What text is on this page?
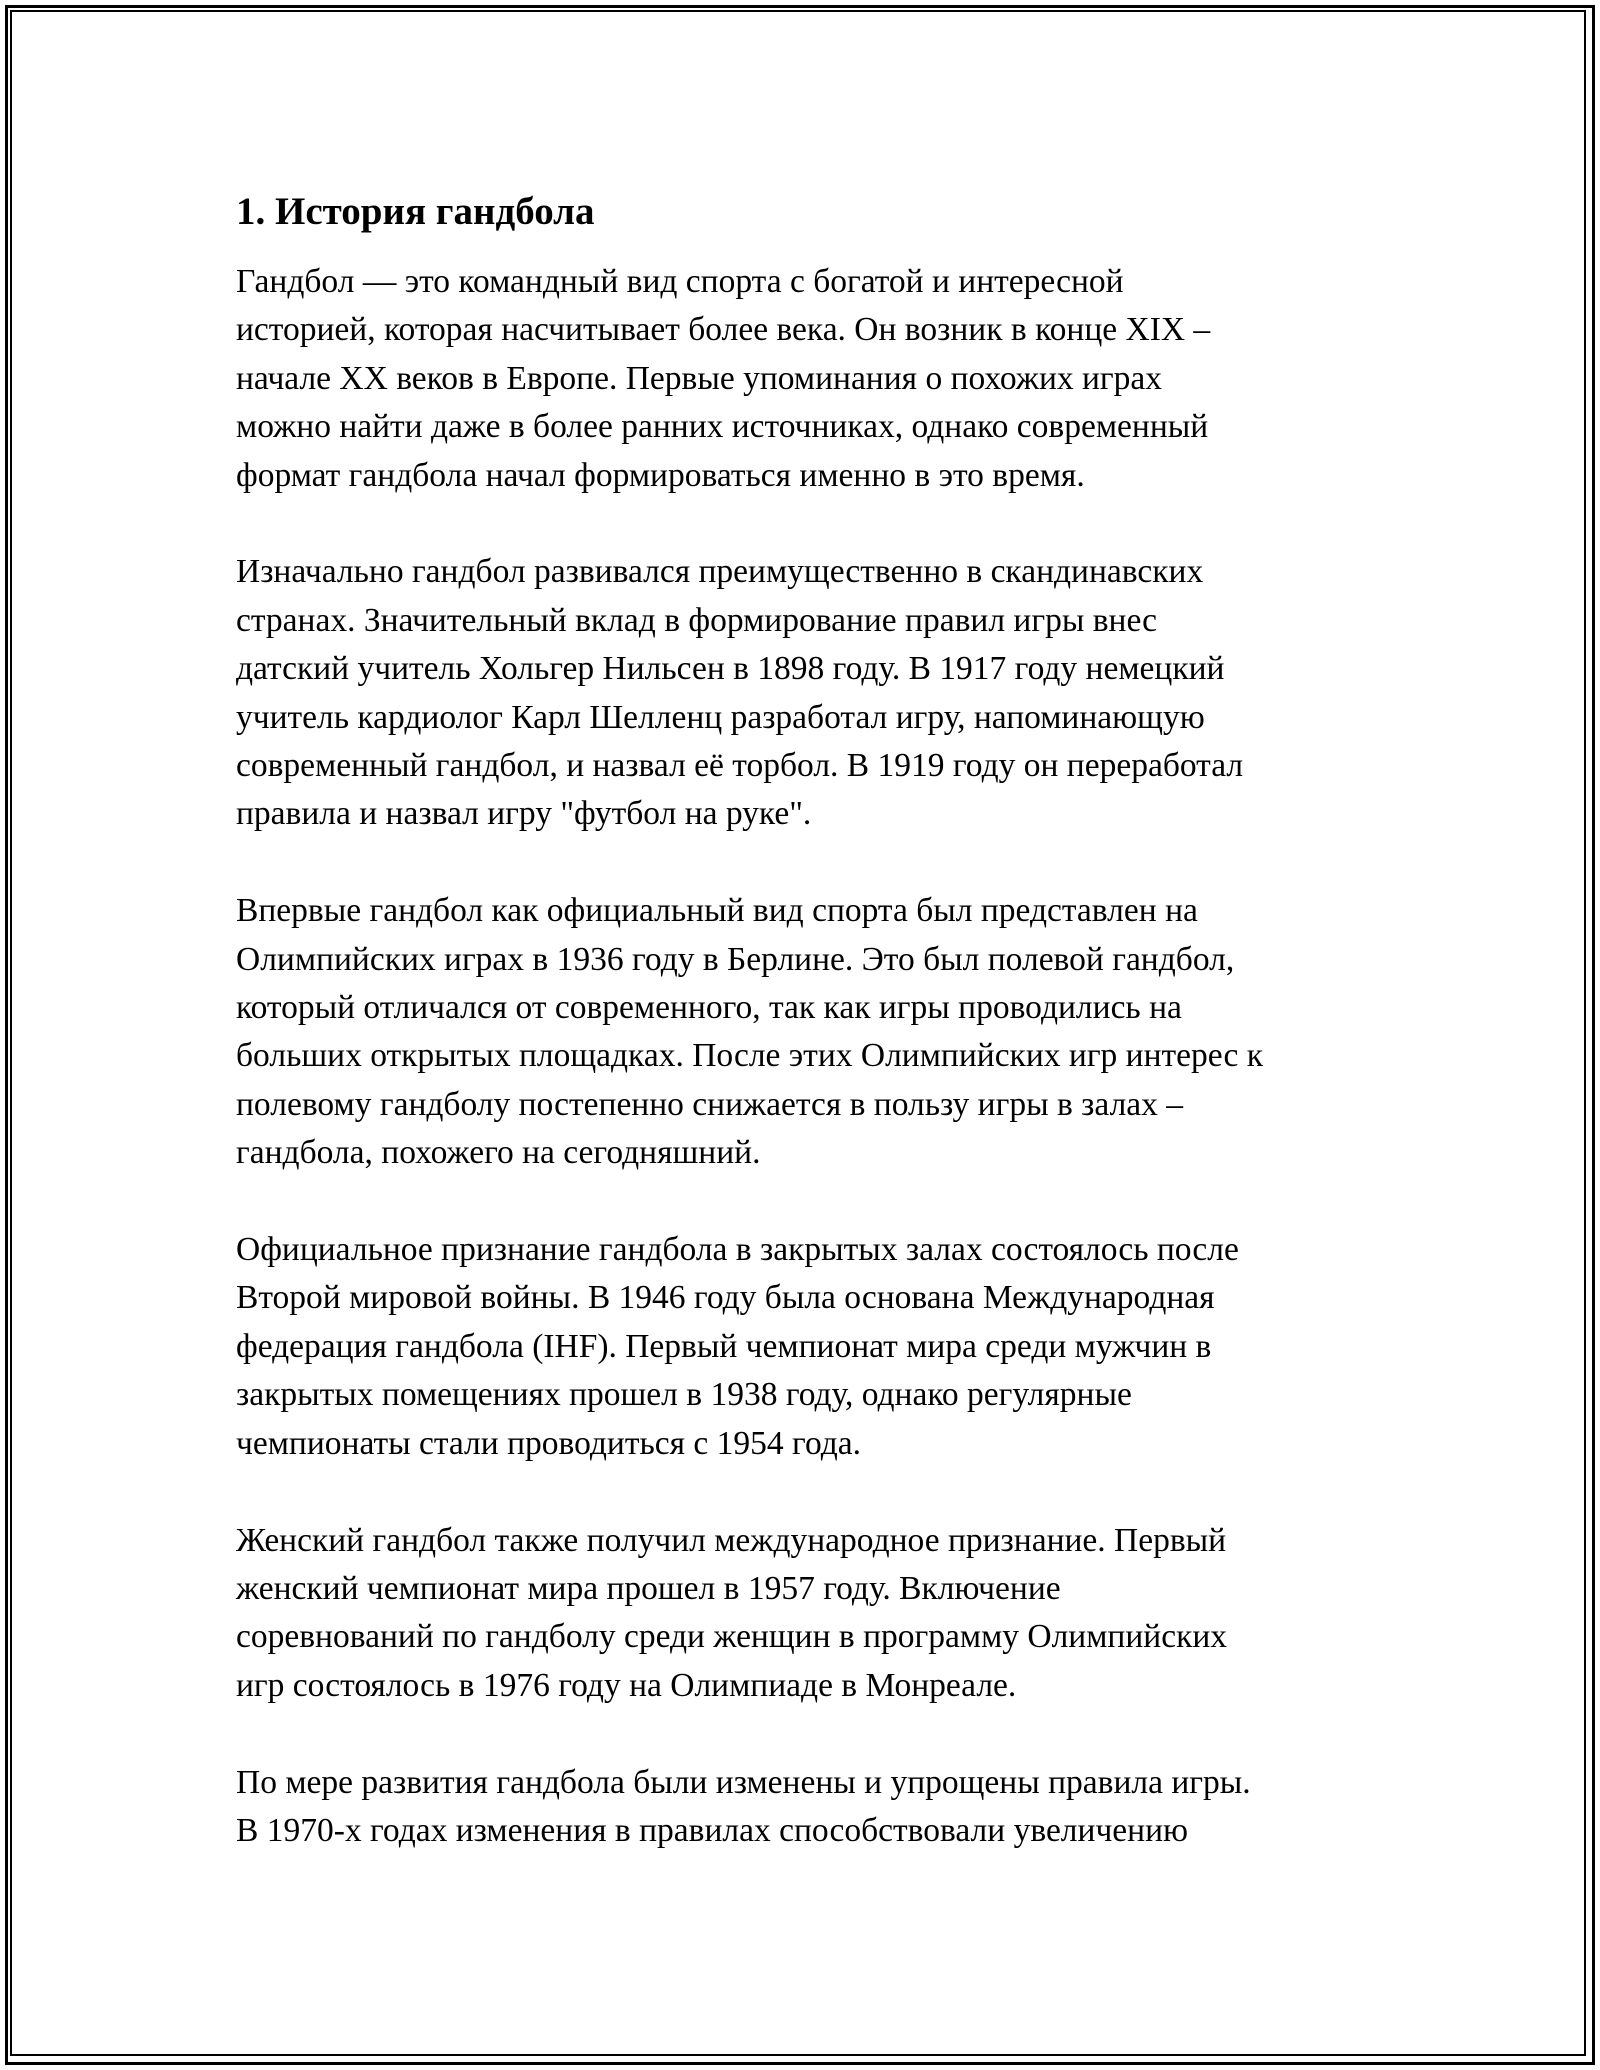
1. История гандбола

Гандбол — это командный вид спорта с богатой и интересной
историей, которая насчитывает более века. Он возник в конце XIX –
начале XX веков в Европе. Первые упоминания о похожих играх
можно найти даже в более ранних источниках, однако современный
формат гандбола начал формироваться именно в это время.

Изначально гандбол развивался преимущественно в скандинавских
странах. Значительный вклад в формирование правил игры внес
датский учитель Хольгер Нильсен в 1898 году. В 1917 году немецкий
учитель кардиолог Карл Шелленц разработал игру, напоминающую
современный гандбол, и назвал её торбол. В 1919 году он переработал
правила и назвал игру "футбол на руке".

Впервые гандбол как официальный вид спорта был представлен на
Олимпийских играх в 1936 году в Берлине. Это был полевой гандбол,
который отличался от современного, так как игры проводились на
больших открытых площадках. После этих Олимпийских игр интерес к
полевому гандболу постепенно снижается в пользу игры в залах –
гандбола, похожего на сегодняшний.

Официальное признание гандбола в закрытых залах состоялось после
Второй мировой войны. В 1946 году была основана Международная
федерация гандбола (IHF). Первый чемпионат мира среди мужчин в
закрытых помещениях прошел в 1938 году, однако регулярные
чемпионаты стали проводиться с 1954 года.

Женский гандбол также получил международное признание. Первый
женский чемпионат мира прошел в 1957 году. Включение
соревнований по гандболу среди женщин в программу Олимпийских
игр состоялось в 1976 году на Олимпиаде в Монреале.

По мере развития гандбола были изменены и упрощены правила игры.
В 1970-х годах изменения в правилах способствовали увеличению
